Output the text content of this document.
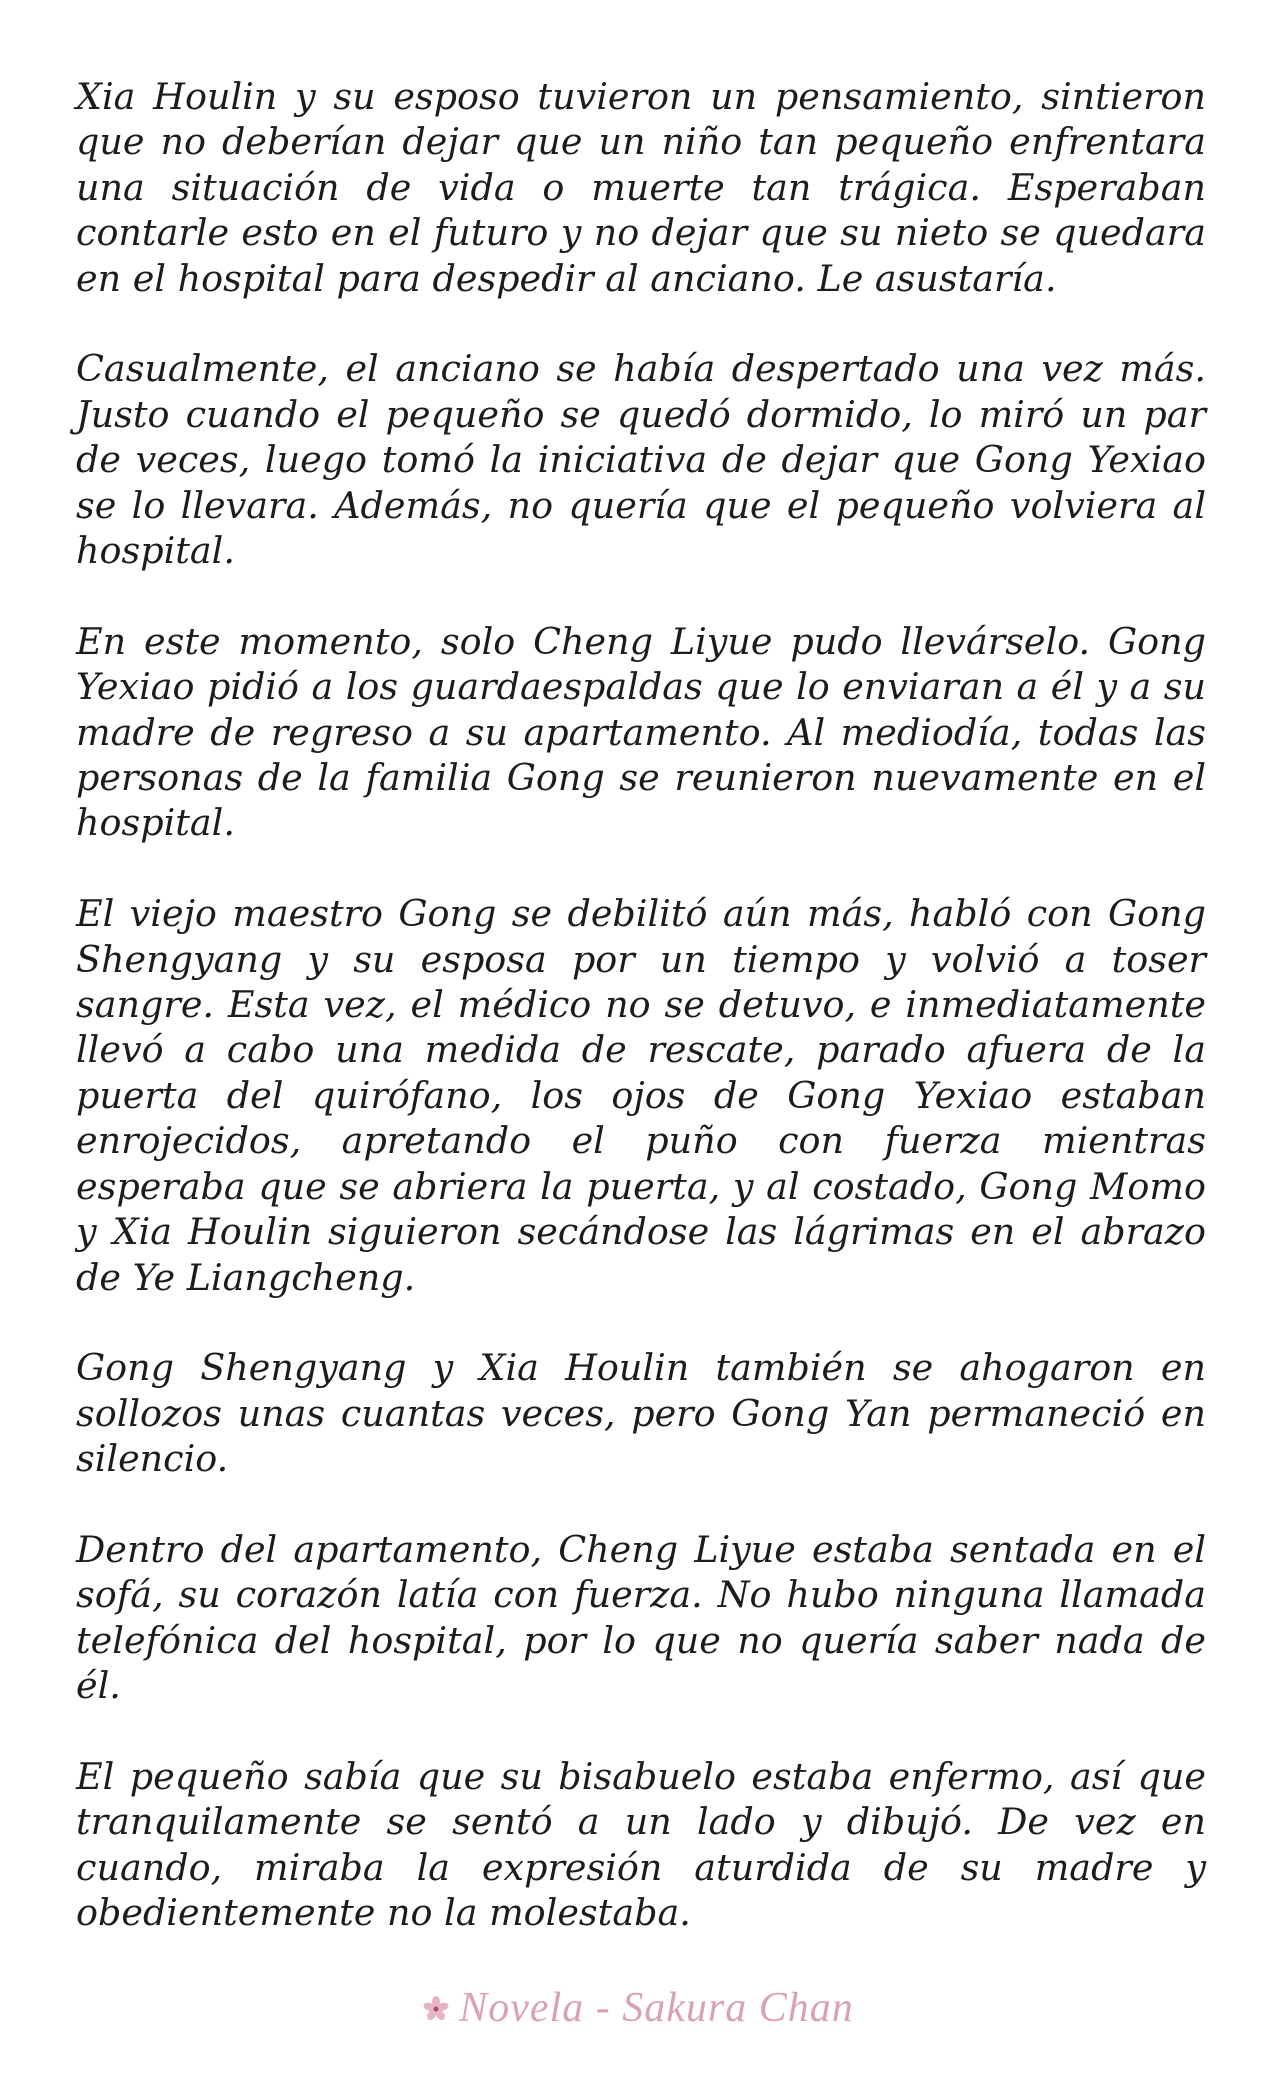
Xia Houlin y su esposo tuvieron un pensamiento, sintieron que no deberían dejar que un niño tan pequeño enfrentara una situación de vida o muerte tan trágica. Esperaban contarle esto en el futuro y no dejar que su nieto se quedara en el hospital para despedir al anciano. Le asustaría.

Casualmente, el anciano se había despertado una vez más. Justo cuando el pequeño se quedó dormido, lo miró un par de veces, luego tomó la iniciativa de dejar que Gong Yexiao se lo llevara. Además, no quería que el pequeño volviera al hospital.

En este momento, solo Cheng Liyue pudo llevárselo. Gong Yexiao pidió a los guardaespaldas que lo enviaran a él y a su madre de regreso a su apartamento. Al mediodía, todas las personas de la familia Gong se reunieron nuevamente en el hospital.

El viejo maestro Gong se debilitó aún más, habló con Gong Shengyang y su esposa por un tiempo y volvió a toser sangre. Esta vez, el médico no se detuvo, e inmediatamente llevó a cabo una medida de rescate, parado afuera de la puerta del quirófano, los ojos de Gong Yexiao estaban enrojecidos, apretando el puño con fuerza mientras esperaba que se abriera la puerta, y al costado, Gong Momo y Xia Houlin siguieron secándose las lágrimas en el abrazo de Ye Liangcheng.

Gong Shengyang y Xia Houlin también se ahogaron en sollozos unas cuantas veces, pero Gong Yan permaneció en silencio.

Dentro del apartamento, Cheng Liyue estaba sentada en el sofá, su corazón latía con fuerza. No hubo ninguna llamada telefónica del hospital, por lo que no quería saber nada de él.

El pequeño sabía que su bisabuelo estaba enfermo, así que tranquilamente se sentó a un lado y dibujó. De vez en cuando, miraba la expresión aturdida de su madre y obedientemente no la molestaba.

Novela - Sakura Chan
